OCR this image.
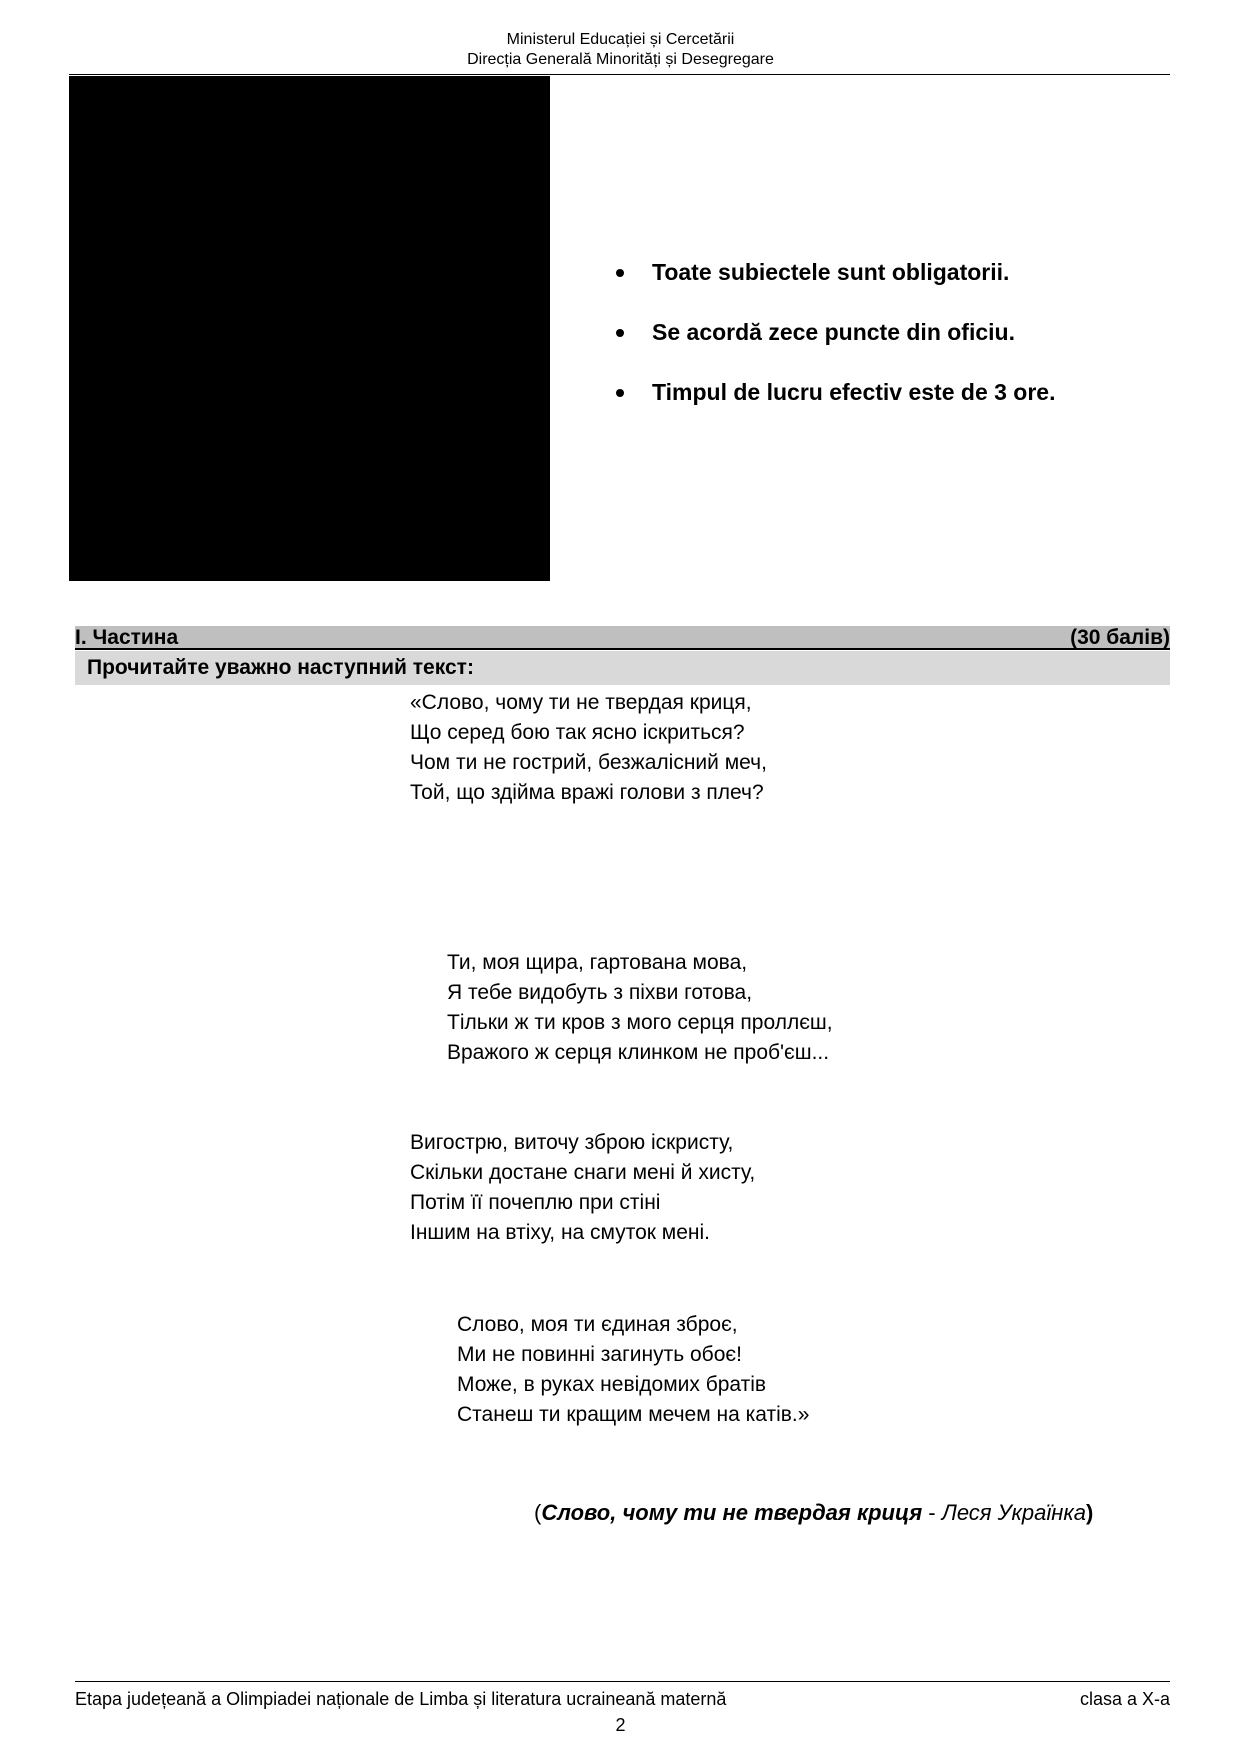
Ministerul Educației și Cercetării
Direcția Generală Minorități și Desegregare
Toate subiectele sunt obligatorii.
Se acordă zece puncte din oficiu.
Timpul de lucru efectiv este de 3 ore.
I. Частина	(30 балів)
Прочитайте уважно наступний текст:
«Слово, чому ти не твердая криця,
Що серед бою так ясно іскриться?
Чом ти не гострий, безжалісний меч,
Той, що здійма вражі голови з плеч?
Ти, моя щира, гартована мова,
Я тебе видобуть з піхви готова,
Тільки ж ти кров з мого серця проллєш,
Вражого ж серця клинком не проб'єш...
Вигострю, виточу зброю іскристу,
Скільки достане снаги мені й хисту,
Потім її почеплю при стіні
Іншим на втіху, на смуток мені.
Слово, моя ти єдиная зброє,
Ми не повинні загинуть обоє!
Може, в руках невідомих братів
Станеш ти кращим мечем на катів.»
(Слово, чому ти не твердая криця - Леся Українка)
Etapa județeană a Olimpiadei naționale de Limba și literatura ucraineană maternă	clasa a X-a
2
